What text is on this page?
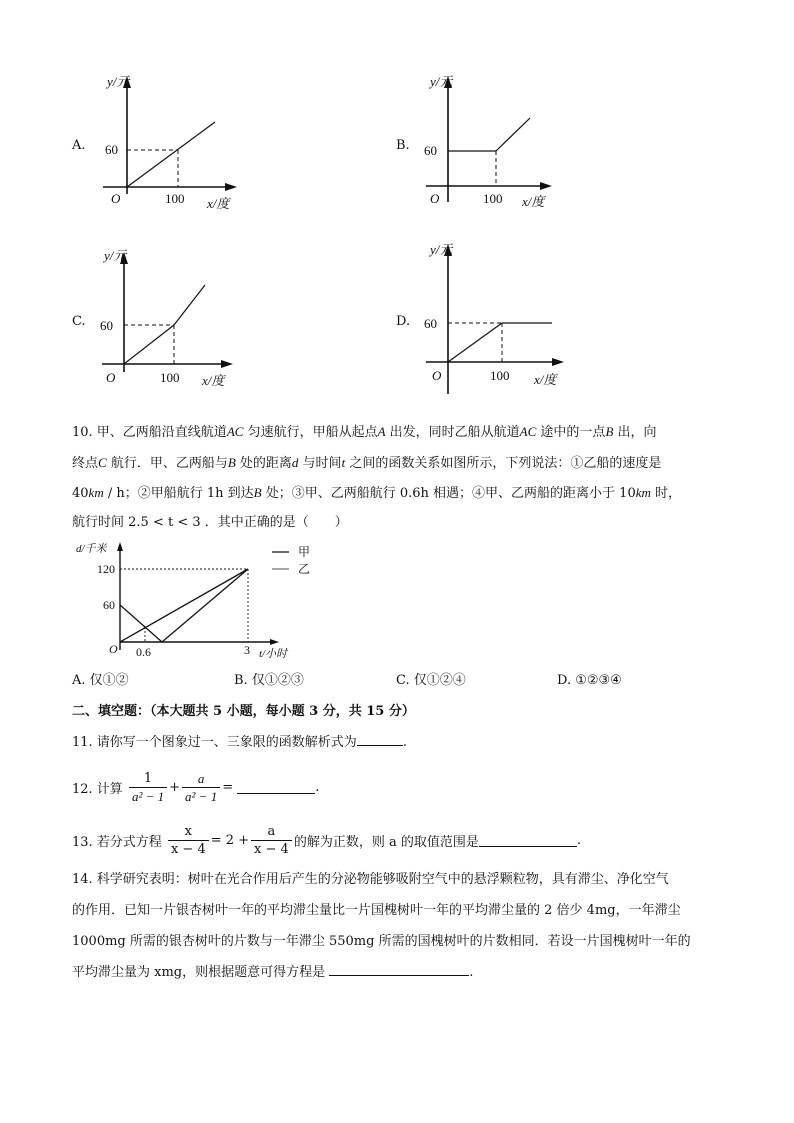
A.
y/元
60
O	100 x/度
B.
y/元
60
O	100 x/度
C.
y/元
60
O	100 x/度
D.
y/元
60
O	100 x/度
10. 甲、乙两船沿直线航道AC 匀速航行，甲船从起点A 出发，同时乙船从航道AC 途中的一点B 出，向
终点C 航行．甲、乙两船与B 处的距离d 与时间t 之间的函数关系如图所示，下列说法：①乙船的速度是
40km / h；②甲船航行 1h 到达B 处；③甲、乙两船航行 0.6h 相遇；④甲、乙两船的距离小于 10km 时，
航行时间 2.5 < t < 3 ．其中正确的是（　　）
d/千米
120
60
O 0.6	3 t/小时
甲
乙
A. 仅①②	B. 仅①②③	C. 仅①②④	D. ①②③④
二、填空题：（本大题共 5 小题，每小题 3 分，共 15 分）
11. 请你写一个图象过一、三象限的函数解析式为	.
12. 计算 $\frac{1}{\text{a² − 1}} + \frac{a}{\text{a² − 1}}$ =	.
13. 若分式方程 $\frac{x}{x - 4} = 2 + \frac{a}{x - 4}$ 的解为正数，则 a 的取值范围是	.
14. 科学研究表明：树叶在光合作用后产生的分泌物能够吸附空气中的悬浮颗粒物，具有滞尘、净化空气
的作用．已知一片银杏树叶一年的平均滞尘量比一片国槐树叶一年的平均滞尘量的 2 倍少 4mg，一年滞尘
1000mg 所需的银杏树叶的片数与一年滞尘 550mg 所需的国槐树叶的片数相同．若设一片国槐树叶一年的
平均滞尘量为 xmg，则根据题意可得方程是	.
